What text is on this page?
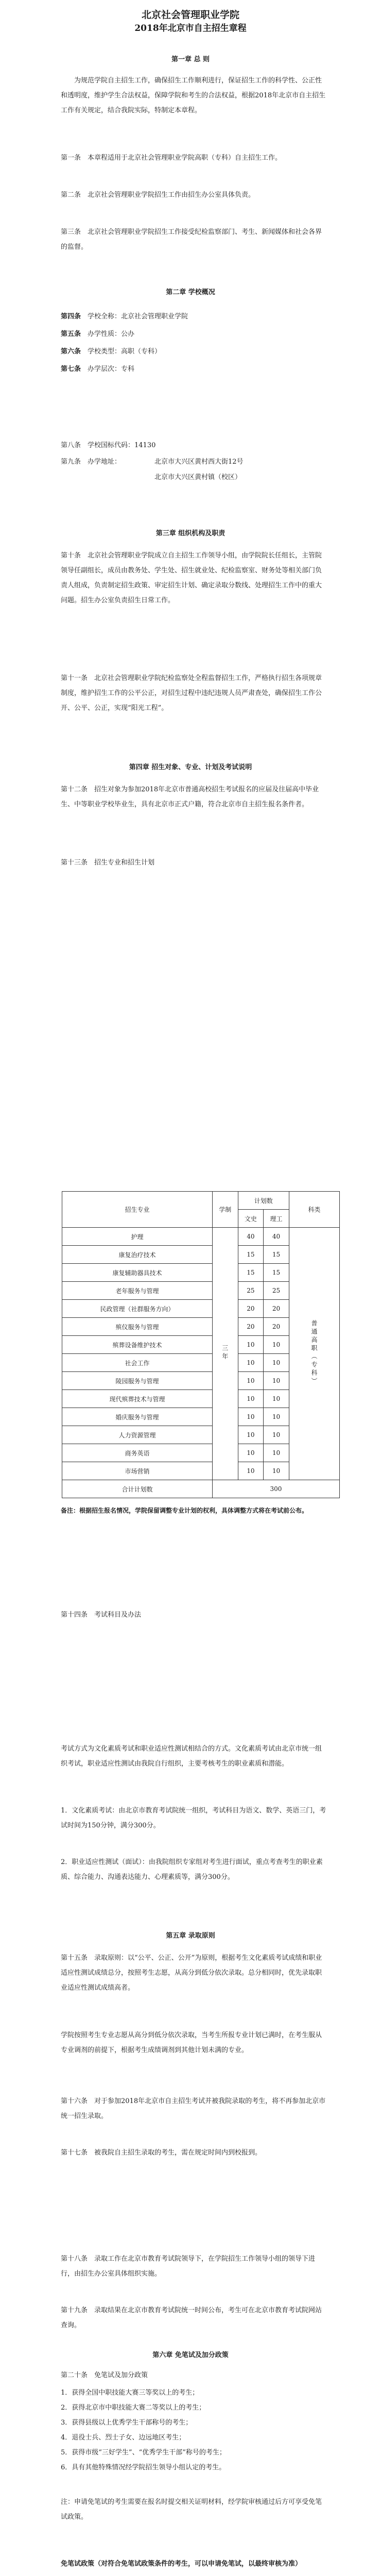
北京社会管理职业学院
2018年北京市自主招生章程
第一章 总 则
　　为规范学院自主招生工作，确保招生工作顺利进行，保证招生工作的科学性、公正性和透明度，维护学生合法权益，保障学院和考生的合法权益，根据2018年北京市自主招生工作有关规定，结合我院实际，特制定本章程。
第一条　本章程适用于北京社会管理职业学院高职（专科）自主招生工作。
第二条　北京社会管理职业学院招生工作由招生办公室具体负责。
第三条　北京社会管理职业学院招生工作接受纪检监察部门、考生、新闻媒体和社会各界的监督。
第二章 学校概况
第四条　 学校全称：北京社会管理职业学院
第五条　 办学性质：公办
第六条　 学校类型：高职（专科）
第七条　 办学层次：专科
第八条　学校国标代码：14130
第九条　办学地址：	北京市大兴区黄村西大街12号
北京市大兴区黄村镇（校区）
第三章 组织机构及职责
第十条　北京社会管理职业学院成立自主招生工作领导小组，由学院院长任组长，主管院领导任副组长，成员由教务处、学生处、招生就业处、纪检监察室、财务处等相关部门负责人组成，负责制定招生政策、审定招生计划、确定录取分数线、处理招生工作中的重大问题。招生办公室负责招生日常工作。
第十一条　北京社会管理职业学院纪检监察处全程监督招生工作，严格执行招生各项规章制度，维护招生工作的公平公正，对招生过程中违纪违规人员严肃查处，确保招生工作公开、公平、公正，实现“阳光工程”。
第四章 招生对象、专业、计划及考试说明
第十二条　招生对象为参加2018年北京市普通高校招生考试报名的应届及往届高中毕业生、中等职业学校毕业生，具有北京市正式户籍，符合北京市自主招生报名条件者。
第十三条　招生专业和招生计划
招生专业	学制	计划数		科类
		文史	理工	
护理	三年	40	40	普通高职（专科）
康复治疗技术		15	15	
康复辅助器具技术		15	15	
老年服务与管理		25	25	
民政管理（社群服务方向）		20	20	
殡仪服务与管理		20	20	
殡葬设备维护技术		10	10	
社会工作		10	10	
陵园服务与管理		10	10	
现代殡葬技术与管理		10	10	
婚庆服务与管理		10	10	
人力资源管理		10	10	
商务英语		10	10	
市场营销		10	10	
合计计划数	300			
备注：根据招生报名情况，学院保留调整专业计划的权利，具体调整方式将在考试前公布。
第十四条　考试科目及办法
考试方式为文化素质考试和职业适应性测试相结合的方式。文化素质考试由北京市统一组织考试，职业适应性测试由我院自行组织，主要考核考生的职业素质和潜能。
1．文化素质考试：由北京市教育考试院统一组织，考试科目为语文、数学、英语三门，考试时间为150分钟，满分300分。
2．职业适应性测试（面试）：由我院组织专家组对考生进行面试，重点考查考生的职业素质、综合能力、沟通表达能力、心理素质等，满分300分。
第五章 录取原则
第十五条　录取原则：以“公平、公正、公开”为原则，根据考生文化素质考试成绩和职业适应性测试成绩总分，按照考生志愿，从高分到低分依次录取。总分相同时，优先录取职业适应性测试成绩高者。
学院按照考生专业志愿从高分到低分依次录取，当考生所报专业计划已满时，在考生服从专业调剂的前提下，根据考生成绩调剂到其他计划未满的专业。
第十六条　对于参加2018年北京市自主招生考试并被我院录取的考生，将不再参加北京市统一招生录取。
第十七条　被我院自主招生录取的考生，需在规定时间内到校报到。
第十八条　录取工作在北京市教育考试院领导下，在学院招生工作领导小组的领导下进行，由招生办公室具体组织实施。
第十九条　录取结果在北京市教育考试院统一时间公布，考生可在北京市教育考试院网站查询。
第六章 免笔试及加分政策
第二十条　免笔试及加分政策
1．获得全国中职技能大赛三等奖以上的考生；
2．获得北京市中职技能大赛二等奖以上的考生；
3．获得县级以上优秀学生干部称号的考生；
4．退役士兵、烈士子女、边远地区考生；
5．获得市级“三好学生”、“优秀学生干部”称号的考生；
6．具有其他特殊情况经学院招生领导小组认定的考生。
注：申请免笔试的考生需要在报名时提交相关证明材料，经学院审核通过后方可享受免笔试政策。
免笔试政策（对符合免笔试政策条件的考生，可以申请免笔试，以最终审核为准）
